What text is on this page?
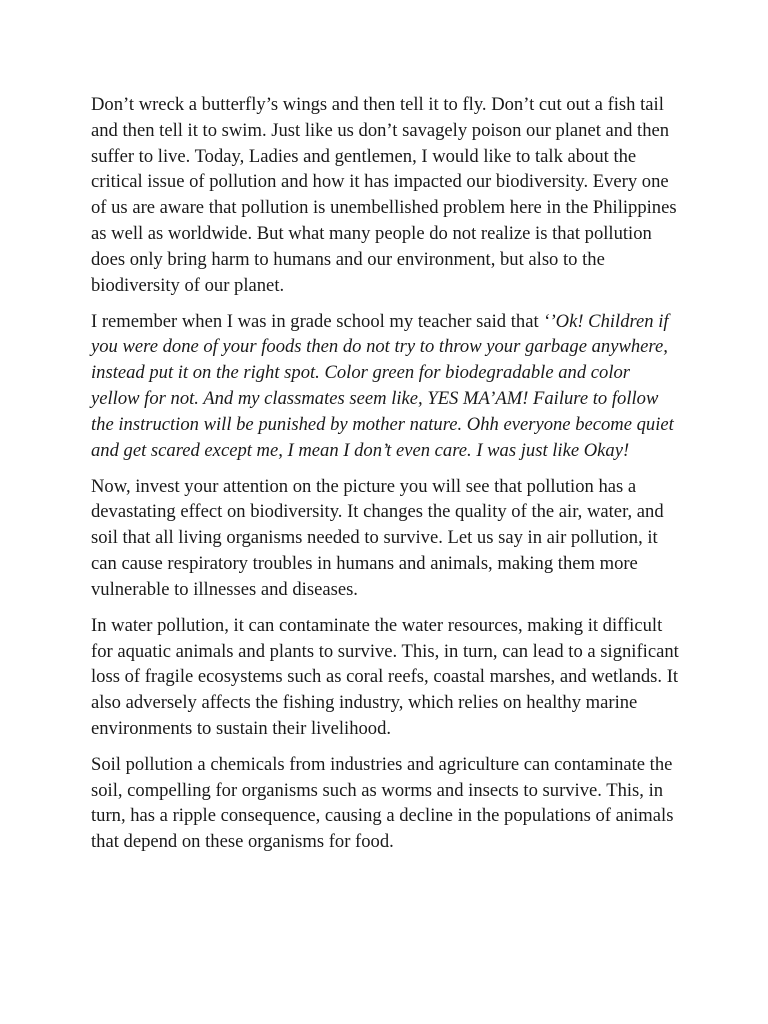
Don’t wreck a butterfly’s wings and then tell it to fly. Don’t cut out a fish tail and then tell it to swim. Just like us don’t savagely poison our planet and then suffer to live. Today, Ladies and gentlemen, I would like to talk about the critical issue of pollution and how it has impacted our biodiversity. Every one of us are aware that pollution is unembellished problem here in the Philippines as well as worldwide. But what many people do not realize is that pollution does only bring harm to humans and our environment, but also to the biodiversity of our planet.

I remember when I was in grade school my teacher said that ‘’Ok! Children if you were done of your foods then do not try to throw your garbage anywhere, instead put it on the right spot. Color green for biodegradable and color yellow for not. And my classmates seem like, YES MA’AM! Failure to follow the instruction will be punished by mother nature. Ohh everyone become quiet and get scared except me, I mean I don’t even care. I was just like Okay!

Now, invest your attention on the picture you will see that pollution has a devastating effect on biodiversity. It changes the quality of the air, water, and soil that all living organisms needed to survive. Let us say in air pollution, it can cause respiratory troubles in humans and animals, making them more vulnerable to illnesses and diseases.

In water pollution, it can contaminate the water resources, making it difficult for aquatic animals and plants to survive. This, in turn, can lead to a significant loss of fragile ecosystems such as coral reefs, coastal marshes, and wetlands. It also adversely affects the fishing industry, which relies on healthy marine environments to sustain their livelihood.

Soil pollution a chemicals from industries and agriculture can contaminate the soil, compelling for organisms such as worms and insects to survive. This, in turn, has a ripple consequence, causing a decline in the populations of animals that depend on these organisms for food.
